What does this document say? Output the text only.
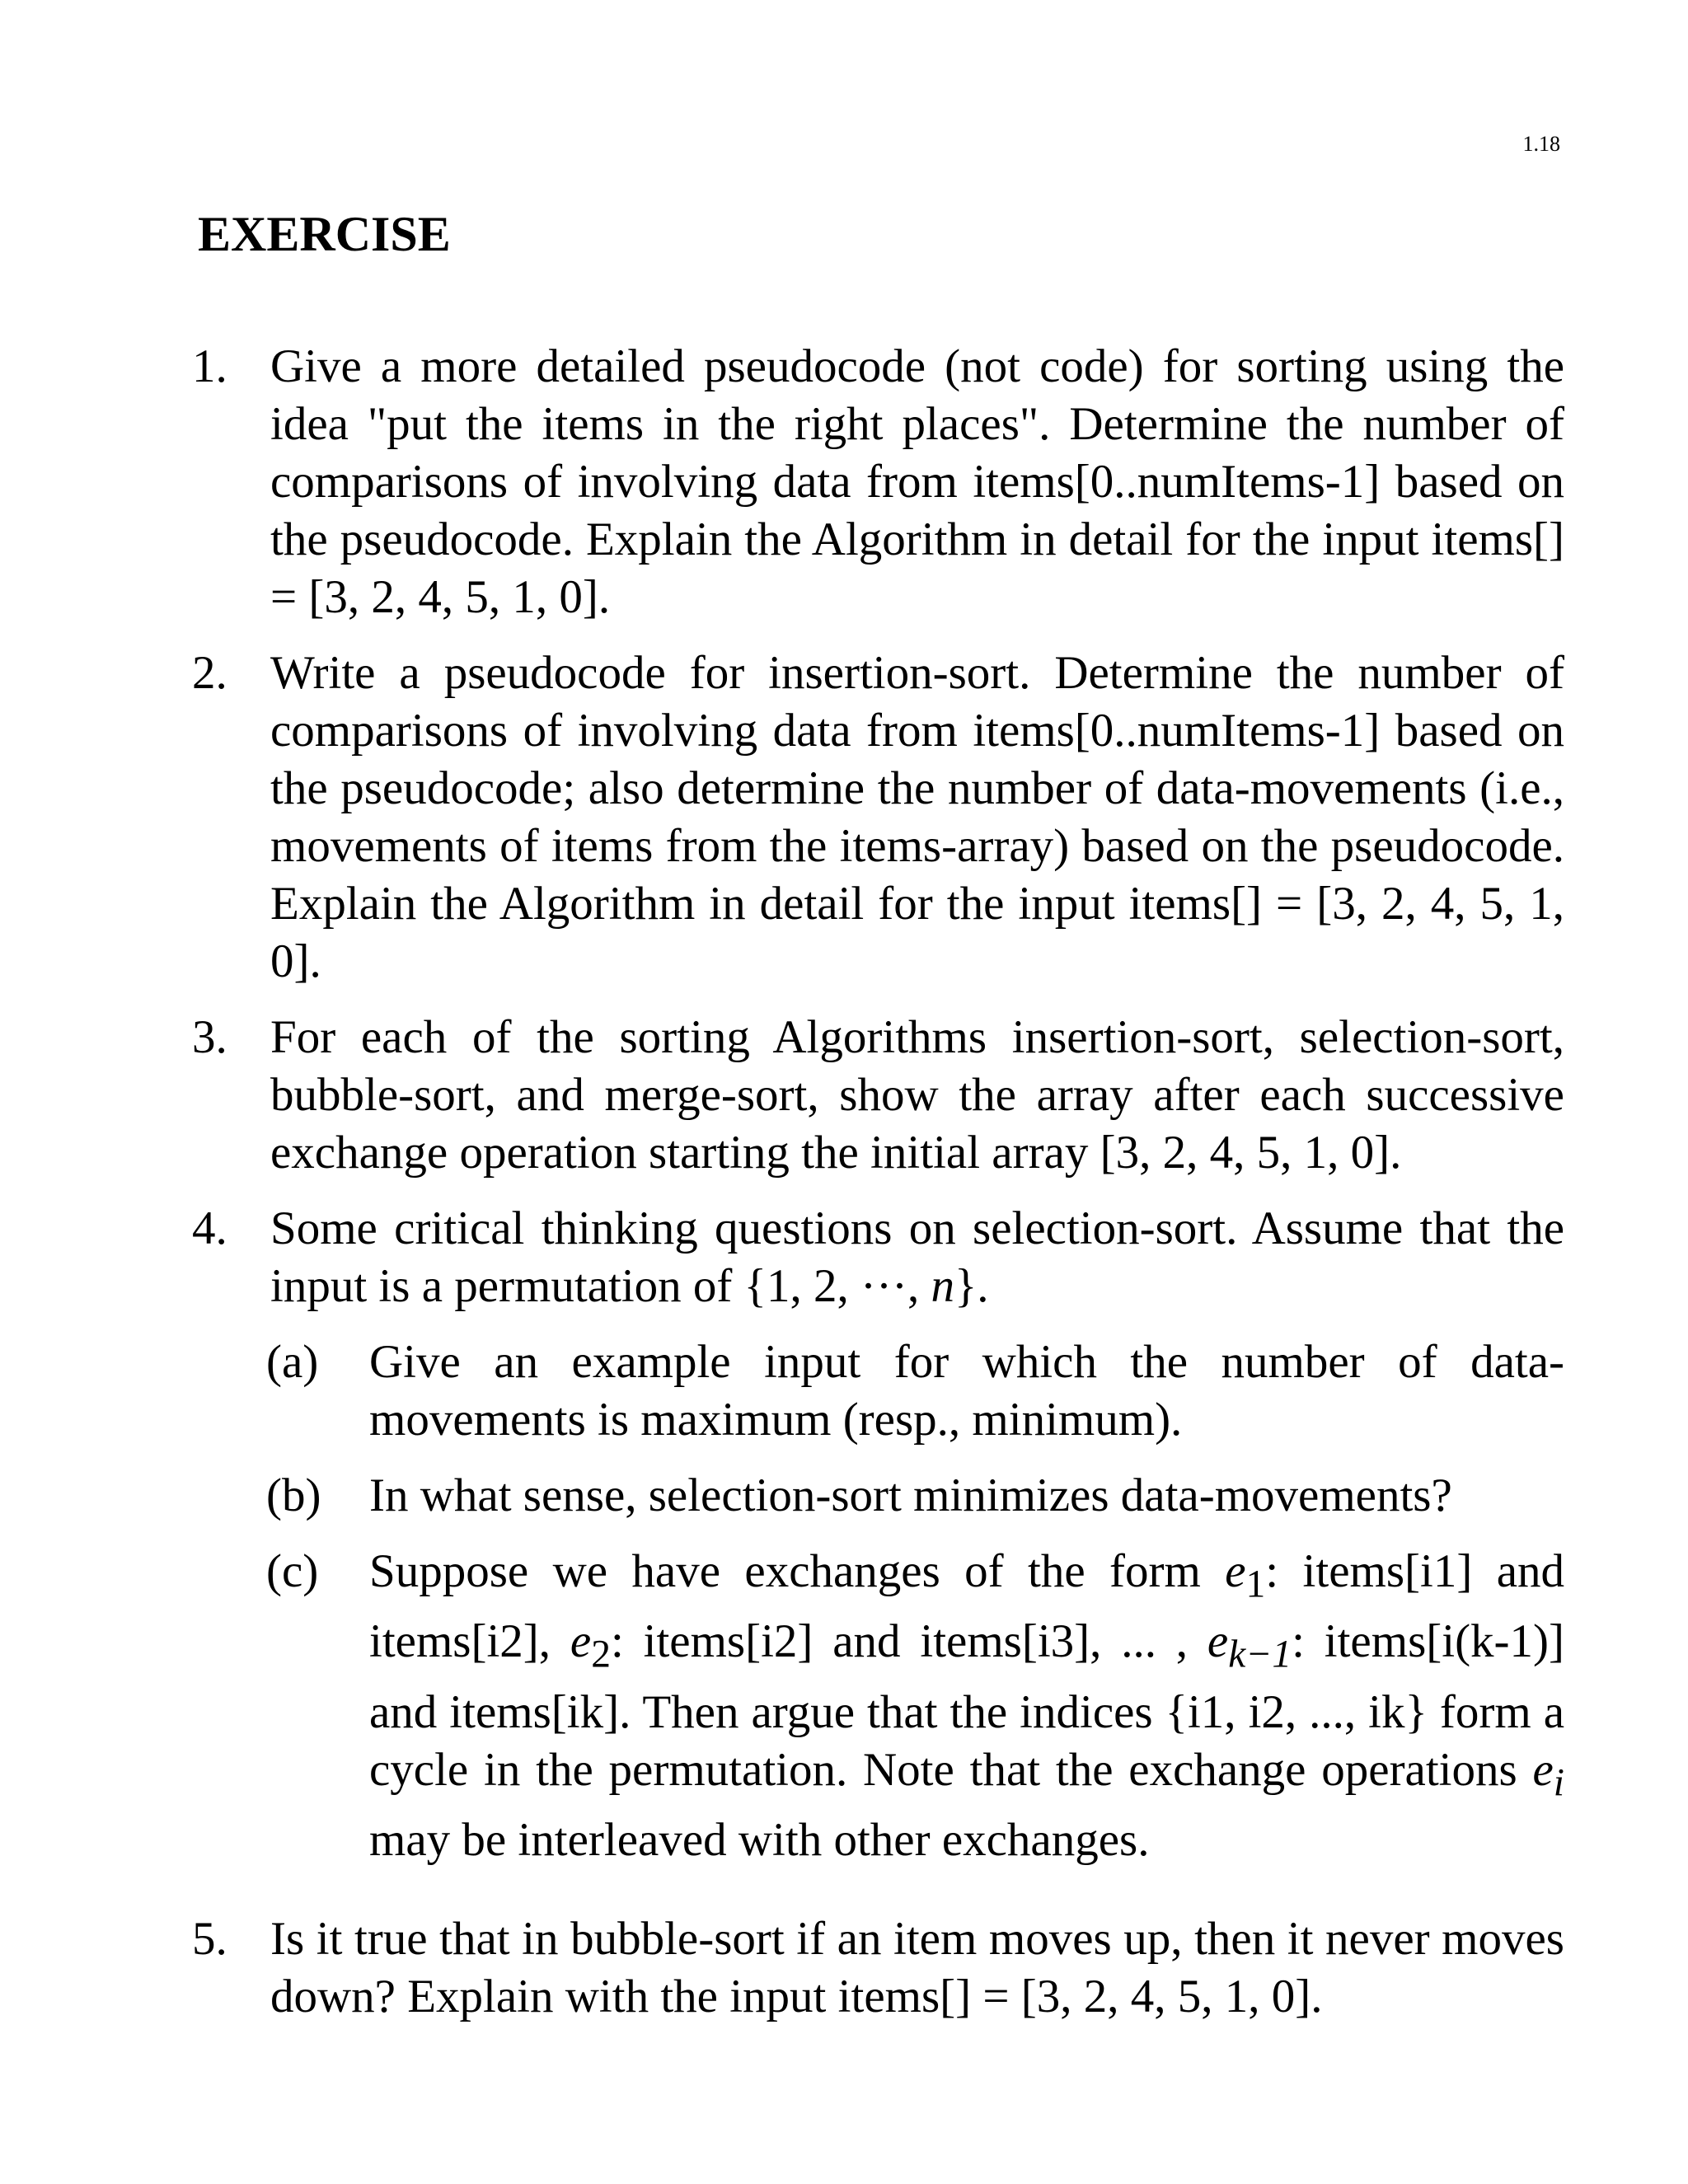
1.18
EXERCISE
1. Give a more detailed pseudocode (not code) for sorting using the idea "put the items in the right places". Determine the number of comparisons of involving data from items[0..numItems-1] based on the pseudocode. Explain the Algorithm in detail for the input items[] = [3, 2, 4, 5, 1, 0].
2. Write a pseudocode for insertion-sort. Determine the number of comparisons of involving data from items[0..numItems-1] based on the pseudocode; also determine the number of data-movements (i.e., movements of items from the items-array) based on the pseudocode. Explain the Algorithm in detail for the input items[] = [3, 2, 4, 5, 1, 0].
3. For each of the sorting Algorithms insertion-sort, selection-sort, bubble-sort, and merge-sort, show the array after each successive exchange operation starting the initial array [3, 2, 4, 5, 1, 0].
4. Some critical thinking questions on selection-sort. Assume that the input is a permutation of {1, 2, ···, n}.
(a) Give an example input for which the number of data-movements is maximum (resp., minimum).
(b) In what sense, selection-sort minimizes data-movements?
(c) Suppose we have exchanges of the form $e_1$: items[i1] and items[i2], $e_2$: items[i2] and items[i3], ... , $e_{k-1}$: items[i(k-1)] and items[ik]. Then argue that the indices {i1, i2, ..., ik} form a cycle in the permutation. Note that the exchange operations $e_i$ may be interleaved with other exchanges.
5. Is it true that in bubble-sort if an item moves up, then it never moves down? Explain with the input items[] = [3, 2, 4, 5, 1, 0].
